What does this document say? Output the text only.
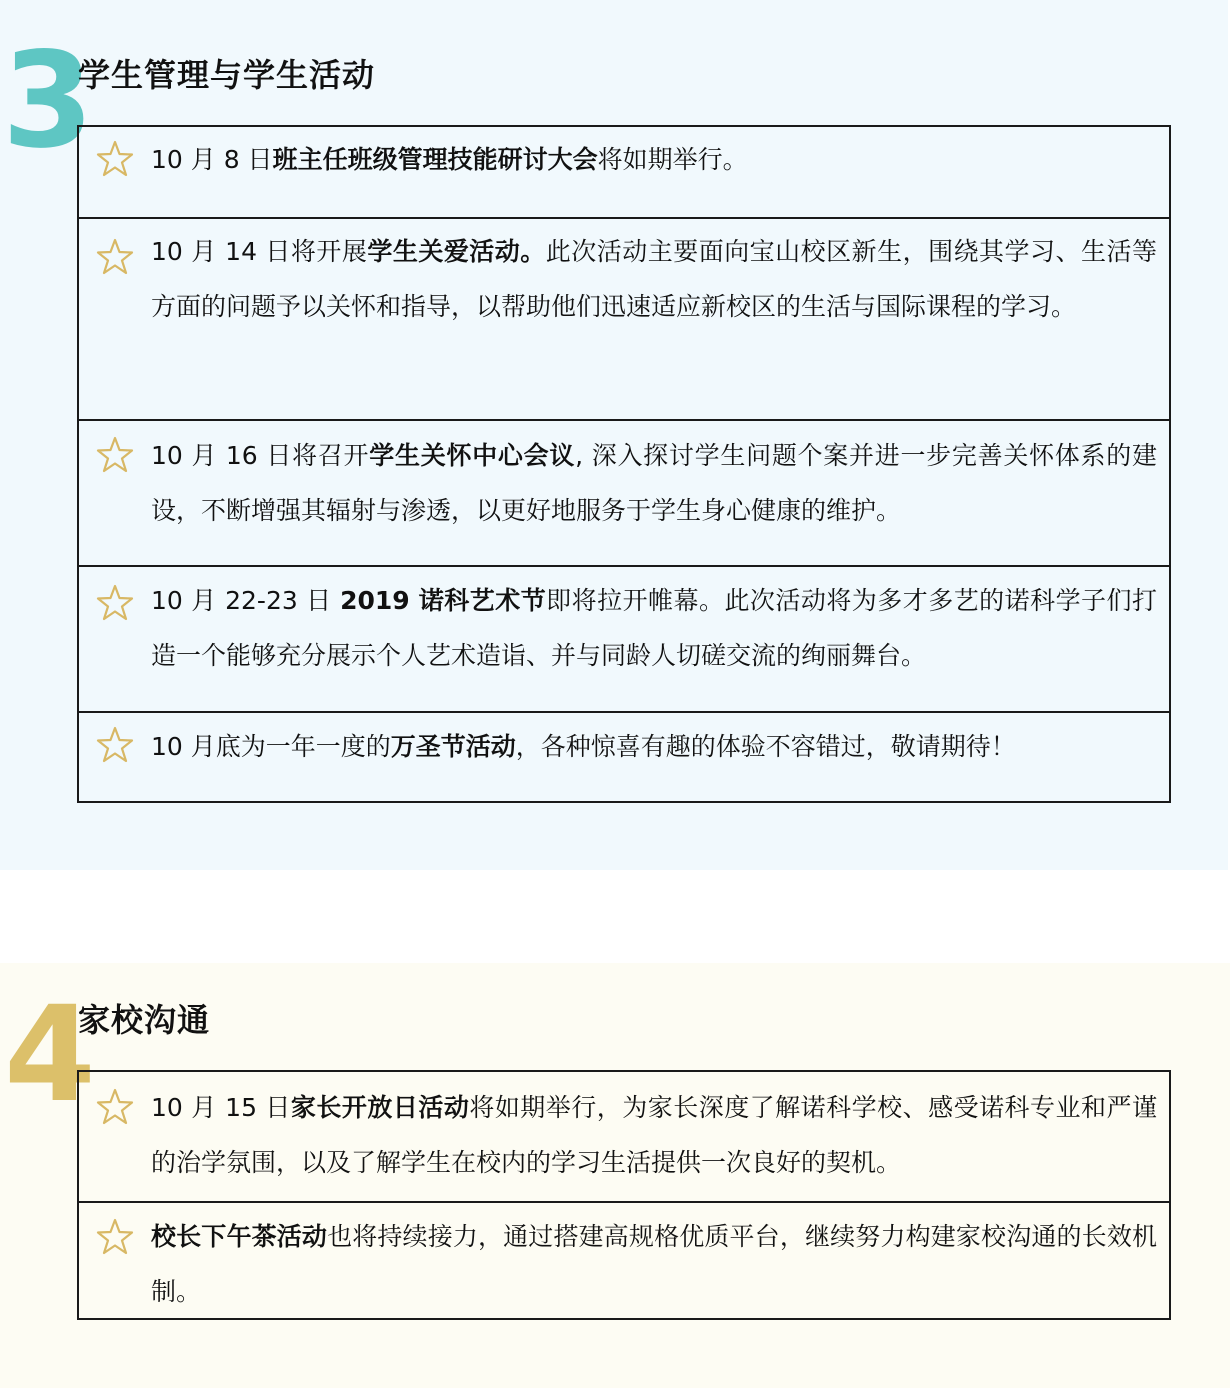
3
学生管理与学生活动
10 月 8 日班主任班级管理技能研讨大会将如期举行。
10 月 14 日将开展学生关爱活动。此次活动主要面向宝山校区新生，围绕其学习、生活等方面的问题予以关怀和指导，以帮助他们迅速适应新校区的生活与国际课程的学习。
10 月 16 日将召开学生关怀中心会议, 深入探讨学生问题个案并进一步完善关怀体系的建设，不断增强其辐射与渗透，以更好地服务于学生身心健康的维护。
10 月 22-23 日 2019 诺科艺术节即将拉开帷幕。此次活动将为多才多艺的诺科学子们打造一个能够充分展示个人艺术造诣、并与同龄人切磋交流的绚丽舞台。
10 月底为一年一度的万圣节活动，各种惊喜有趣的体验不容错过，敬请期待！
4
家校沟通
10 月 15 日家长开放日活动将如期举行，为家长深度了解诺科学校、感受诺科专业和严谨的治学氛围，以及了解学生在校内的学习生活提供一次良好的契机。
校长下午茶活动也将持续接力，通过搭建高规格优质平台，继续努力构建家校沟通的长效机制。
